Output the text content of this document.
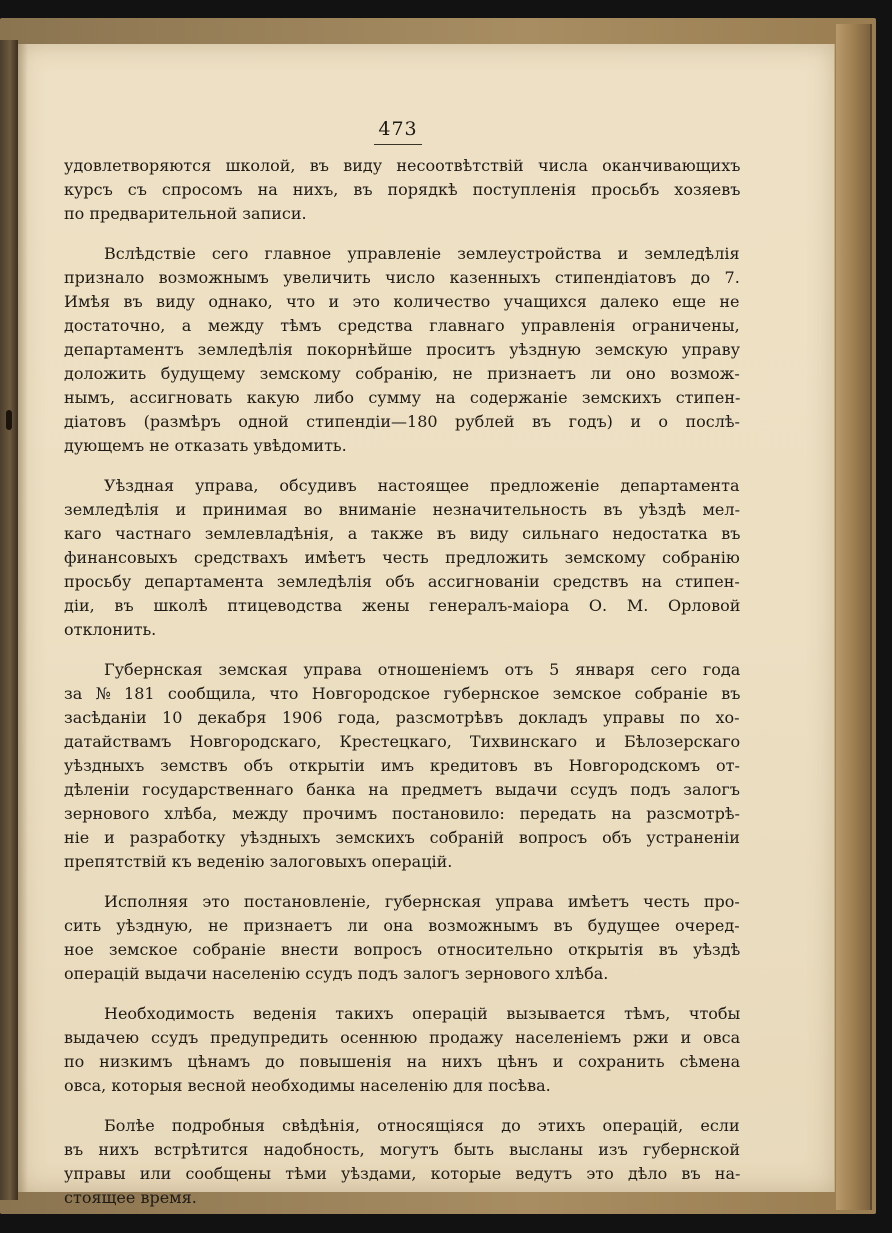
473
удовлетворяются школой, въ виду несоотвѣтствій числа оканчивающихъ
курсъ съ спросомъ на нихъ, въ порядкѣ поступленія просьбъ хозяевъ
по предварительной записи.
Вслѣдствіе сего главное управленіе землеустройства и земледѣлія
признало возможнымъ увеличить число казенныхъ стипендіатовъ до 7.
Имѣя въ виду однако, что и это количество учащихся далеко еще не
достаточно, а между тѣмъ средства главнаго управленія ограничены,
департаментъ земледѣлія покорнѣйше проситъ уѣздную земскую управу
доложить будущему земскому собранію, не признаетъ ли оно возмож-
нымъ, ассигновать какую либо сумму на содержаніе земскихъ стипен-
діатовъ (размѣръ одной стипендіи—180 рублей въ годъ) и о послѣ-
дующемъ не отказать увѣдомить.
Уѣздная управа, обсудивъ настоящее предложеніе департамента
земледѣлія и принимая во вниманіе незначительность въ уѣздѣ мел-
каго частнаго землевладѣнія, а также въ виду сильнаго недостатка въ
финансовыхъ средствахъ имѣетъ честь предложить земскому собранію
просьбу департамента земледѣлія объ ассигнованіи средствъ на стипен-
діи, въ школѣ птицеводства жены генералъ-маіора О. М. Орловой
отклонить.
Губернская земская управа отношеніемъ отъ 5 января сего года
за № 181 сообщила, что Новгородское губернское земское собраніе въ
засѣданіи 10 декабря 1906 года, разсмотрѣвъ докладъ управы по хо-
датайствамъ Новгородскаго, Крестецкаго, Тихвинскаго и Бѣлозерскаго
уѣздныхъ земствъ объ открытіи имъ кредитовъ въ Новгородскомъ от-
дѣленіи государственнаго банка на предметъ выдачи ссудъ подъ залогъ
зернового хлѣба, между прочимъ постановило: передать на разсмотрѣ-
ніе и разработку уѣздныхъ земскихъ собраній вопросъ объ устраненіи
препятствій къ веденію залоговыхъ операцій.
Исполняя это постановленіе, губернская управа имѣетъ честь про-
сить уѣздную, не признаетъ ли она возможнымъ въ будущее очеред-
ное земское собраніе внести вопросъ относительно открытія въ уѣздѣ
операцій выдачи населенію ссудъ подъ залогъ зернового хлѣба.
Необходимость веденія такихъ операцій вызывается тѣмъ, чтобы
выдачею ссудъ предупредить осеннюю продажу населеніемъ ржи и овса
по низкимъ цѣнамъ до повышенія на нихъ цѣнъ и сохранить сѣмена
овса, которыя весной необходимы населенію для посѣва.
Болѣе подробныя свѣдѣнія, относящіяся до этихъ операцій, если
въ нихъ встрѣтится надобность, могутъ быть высланы изъ губернской
управы или сообщены тѣми уѣздами, которые ведутъ это дѣло въ на-
стоящее время.
